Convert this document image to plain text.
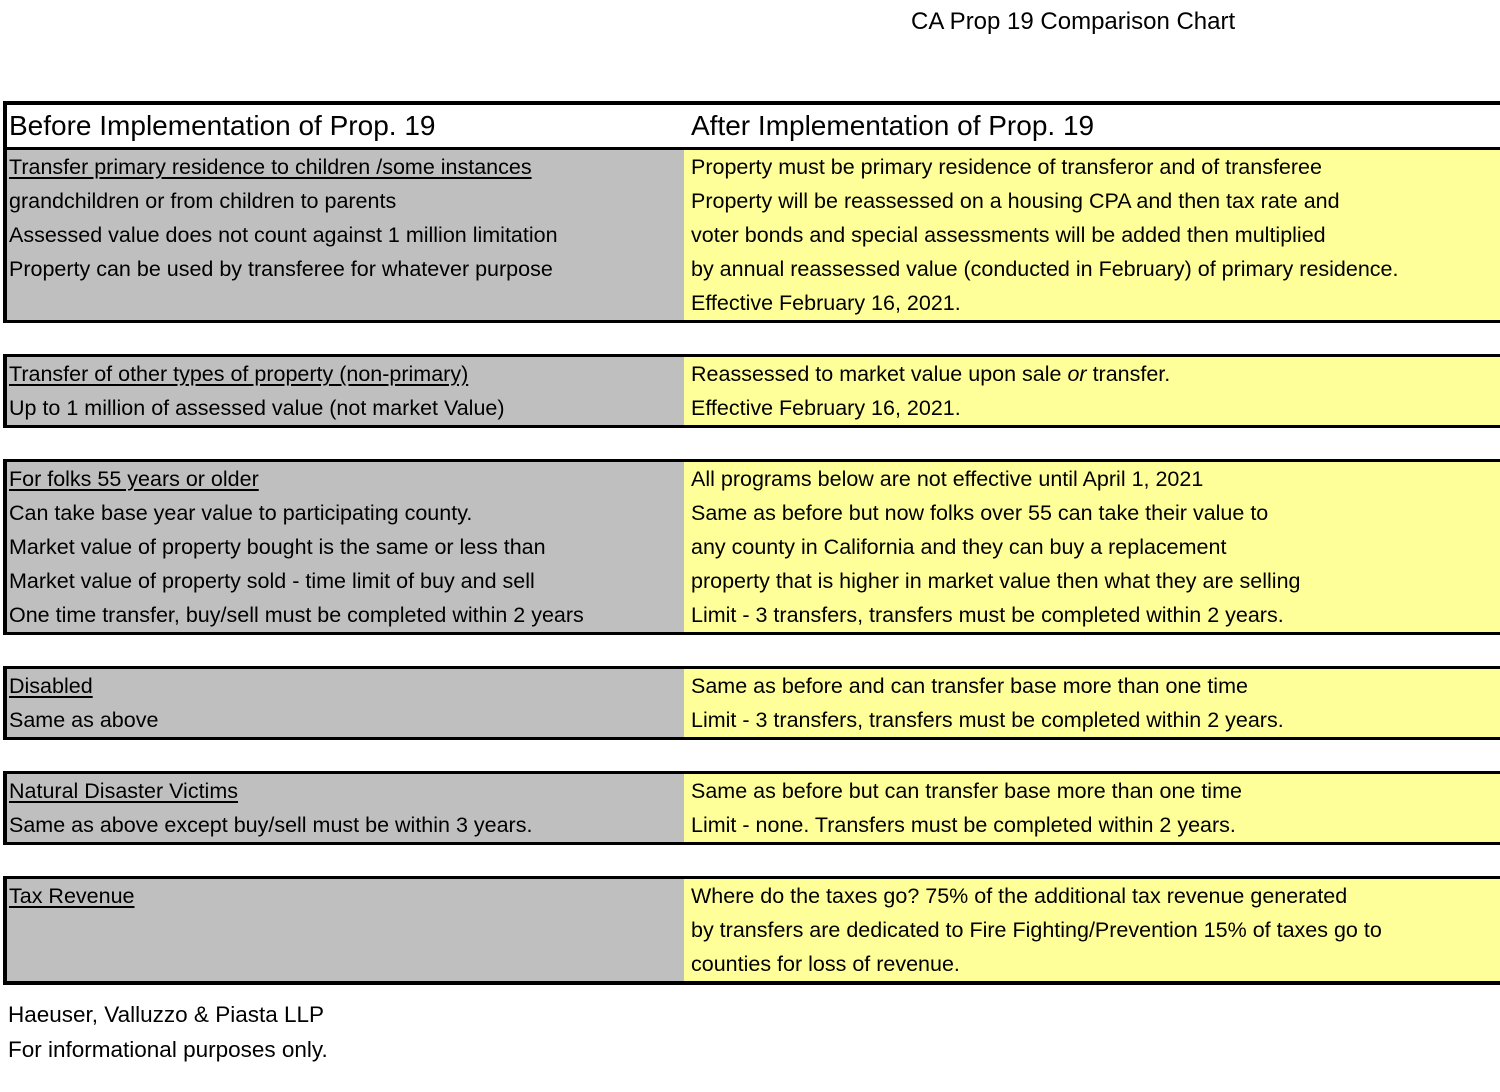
CA Prop 19 Comparison Chart
Before Implementation of Prop. 19	After Implementation of Prop. 19
Transfer primary residence to children /some instances
grandchildren or from children to parents
Assessed value does not count against 1 million limitation
Property can be used by transferee for whatever purpose
Property must be primary residence of transferor and of transferee
Property will be reassessed on a housing CPA and then tax rate and
voter bonds and special assessments will be added then multiplied
by annual reassessed value (conducted in February) of primary residence.
Effective February 16, 2021.
Transfer of other types of property (non-primary)
Up to 1 million of assessed value (not market Value)
Reassessed to market value upon sale or transfer.
Effective February 16, 2021.
For folks 55 years or older
Can take base year value to participating county.
Market value of property bought is the same or less than
Market value of property sold - time limit of buy and sell
One time transfer, buy/sell must be completed within 2 years
All programs below are not effective until April 1, 2021
Same as before but now folks over 55 can take their value to
any county in California and they can buy a replacement
property that is higher in market value then what they are selling
Limit - 3 transfers, transfers must be completed within 2 years.
Disabled
Same as above
Same as before and can transfer base more than one time
Limit - 3 transfers, transfers must be completed within 2 years.
Natural Disaster Victims
Same as above except buy/sell must be within 3 years.
Same as before but can transfer base more than one time
Limit - none. Transfers must be completed within 2 years.
Tax Revenue	Where do the taxes go? 75% of the additional tax revenue generated
by transfers are dedicated to Fire Fighting/Prevention 15% of taxes go to
counties for loss of revenue.
Haeuser, Valluzzo & Piasta LLP
For informational purposes only.
